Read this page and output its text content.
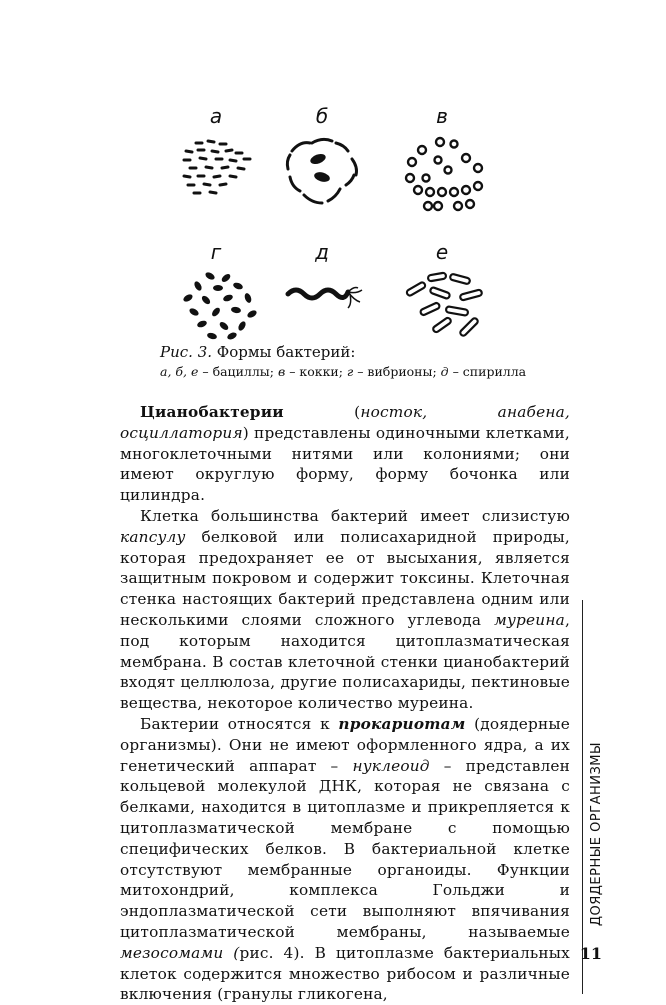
а	б	в
г	д	е
Рис. 3. Формы бактерий:
а, б, е – бациллы; в – кокки; г – вибрионы; д – спирилла

Цианобактерии (носток, анабена, осциллатория) представлены одиночными клетками, многоклеточными нитями или колониями; они имеют округлую форму, форму бочонка или цилиндра.

Клетка большинства бактерий имеет слизистую капсулу белковой или полисахаридной природы, которая предохраняет ее от высыхания, является защитным покровом и содержит токсины. Клеточная стенка настоящих бактерий представлена одним или несколькими слоями сложного углевода муреина, под которым находится цитоплазматическая мембрана. В состав клеточной стенки цианобактерий входят целлюлоза, другие полисахариды, пектиновые вещества, некоторое количество муреина.

Бактерии относятся к прокариотам (доядерные организмы). Они не имеют оформленного ядра, а их генетический аппарат – нуклеоид – представлен кольцевой молекулой ДНК, которая не связана с белками, находится в цитоплазме и прикрепляется к цитоплазматической мембране с помощью специфических белков. В бактериальной клетке отсутствуют мембранные органоиды. Функции митохондрий, комплекса Гольджи и эндоплазматической сети выполняют впячивания цитоплазматической мембраны, называемые мезосомами (рис. 4). В цитоплазме бактериальных клеток содержится множество рибосом и различные включения (гранулы гликогена,

ДОЯДЕРНЫЕ ОРГАНИЗМЫ
11
